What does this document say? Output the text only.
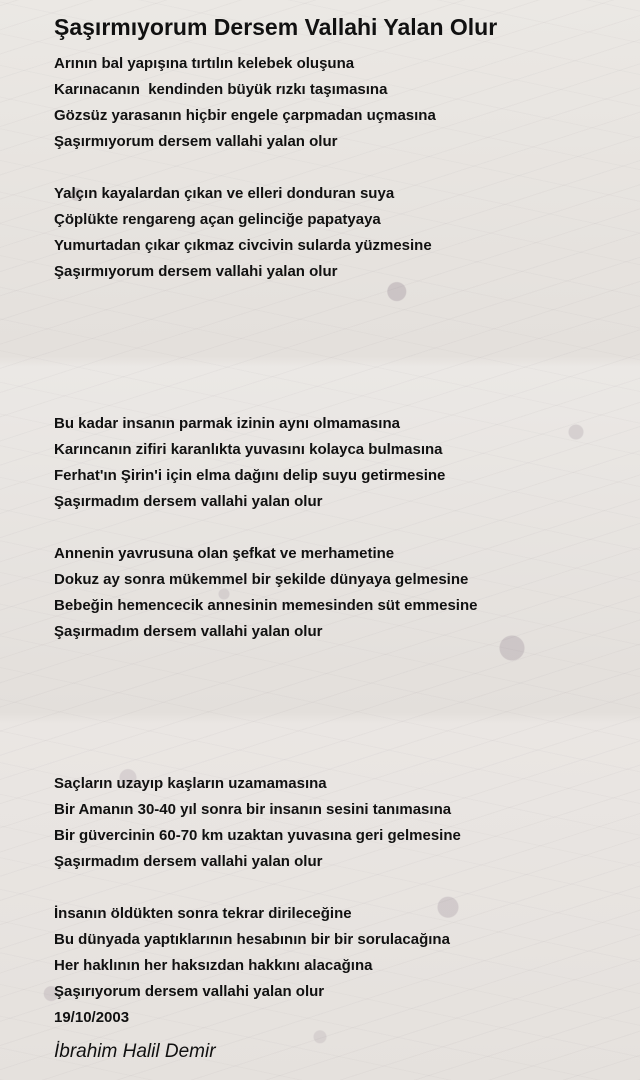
Şaşırmıyorum Dersem Vallahi Yalan Olur
Arının bal yapışına tırtılın kelebek oluşuna
Karınacanın  kendinden büyük rızkı taşımasına
Gözsüz yarasanın hiçbir engele çarpmadan uçmasına
Şaşırmıyorum dersem vallahi yalan olur
Yalçın kayalardan çıkan ve elleri donduran suya
Çöplükte rengareng açan gelinciğe papatyaya
Yumurtadan çıkar çıkmaz civcivin sularda yüzmesine
Şaşırmıyorum dersem vallahi yalan olur
Bu kadar insanın parmak izinin aynı olmamasına
Karıncanın zifiri karanlıkta yuvasını kolayca bulmasına
Ferhat'ın Şirin'i için elma dağını delip suyu getirmesine
Şaşırmadım dersem vallahi yalan olur
Annenin yavrusuna olan şefkat ve merhametine
Dokuz ay sonra mükemmel bir şekilde dünyaya gelmesine
Bebeğin hemencecik annesinin memesinden süt emmesine
Şaşırmadım dersem vallahi yalan olur
Saçların uzayıp kaşların uzamamasına
Bir Amanın 30-40 yıl sonra bir insanın sesini tanımasına
Bir güvercinin 60-70 km uzaktan yuvasına geri gelmesine
Şaşırmadım dersem vallahi yalan olur
İnsanın öldükten sonra tekrar dirileceğine
Bu dünyada yaptıklarının hesabının bir bir sorulacağına
Her haklının her haksızdan hakkını alacağına
Şaşırıyorum dersem vallahi yalan olur
19/10/2003
İbrahim Halil Demir
